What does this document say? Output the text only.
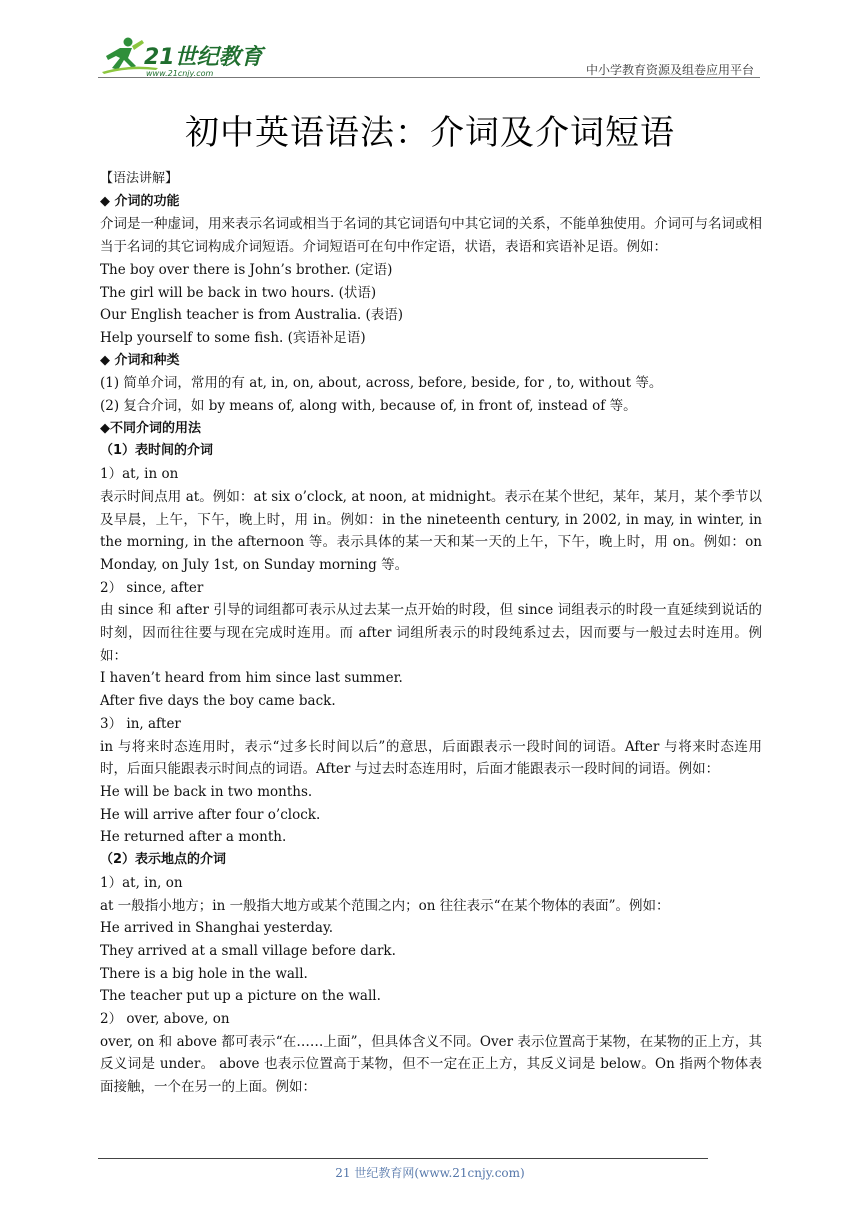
21世纪教育
www.21cnjy.com	中小学教育资源及组卷应用平台
初中英语语法：介词及介词短语

【语法讲解】

◆ 介词的功能

介词是一种虚词，用来表示名词或相当于名词的其它词语句中其它词的关系，不能单独使用。介词可与名词或相当于名词的其它词构成介词短语。介词短语可在句中作定语，状语，表语和宾语补足语。例如：

The boy over there is John’s brother. (定语)

The girl will be back in two hours. (状语)

Our English teacher is from Australia. (表语)

Help yourself to some fish. (宾语补足语)

◆ 介词和种类

(1) 简单介词，常用的有 at, in, on, about, across, before, beside, for , to, without 等。

(2) 复合介词，如 by means of, along with, because of, in front of, instead of 等。

◆不同介词的用法

（1）表时间的介词

1）at, in on

表示时间点用 at。例如：at six o’clock, at noon, at midnight。表示在某个世纪，某年，某月，某个季节以及早晨，上午，下午，晚上时，用 in。例如：in the nineteenth century, in 2002, in may, in winter, in the morning, in the afternoon 等。表示具体的某一天和某一天的上午，下午，晚上时，用 on。例如：on Monday, on July 1st, on Sunday morning 等。

2） since, after

由 since 和 after 引导的词组都可表示从过去某一点开始的时段，但 since 词组表示的时段一直延续到说话的时刻，因而往往要与现在完成时连用。而 after 词组所表示的时段纯系过去，因而要与一般过去时连用。例如：

I haven’t heard from him since last summer.

After five days the boy came back.

3） in, after

in 与将来时态连用时，表示“过多长时间以后”的意思，后面跟表示一段时间的词语。After 与将来时态连用时，后面只能跟表示时间点的词语。After 与过去时态连用时，后面才能跟表示一段时间的词语。例如：

He will be back in two months.

He will arrive after four o’clock.

He returned after a month.

（2）表示地点的介词

1）at, in, on

at 一般指小地方；in 一般指大地方或某个范围之内；on 往往表示“在某个物体的表面”。例如：

He arrived in Shanghai yesterday.

They arrived at a small village before dark.

There is a big hole in the wall.

The teacher put up a picture on the wall.

2） over, above, on

over, on 和 above 都可表示“在……上面”，但具体含义不同。Over 表示位置高于某物，在某物的正上方，其反义词是 under。 above 也表示位置高于某物，但不一定在正上方，其反义词是 below。On 指两个物体表面接触，一个在另一的上面。例如：

21 世纪教育网(www.21cnjy.com)
